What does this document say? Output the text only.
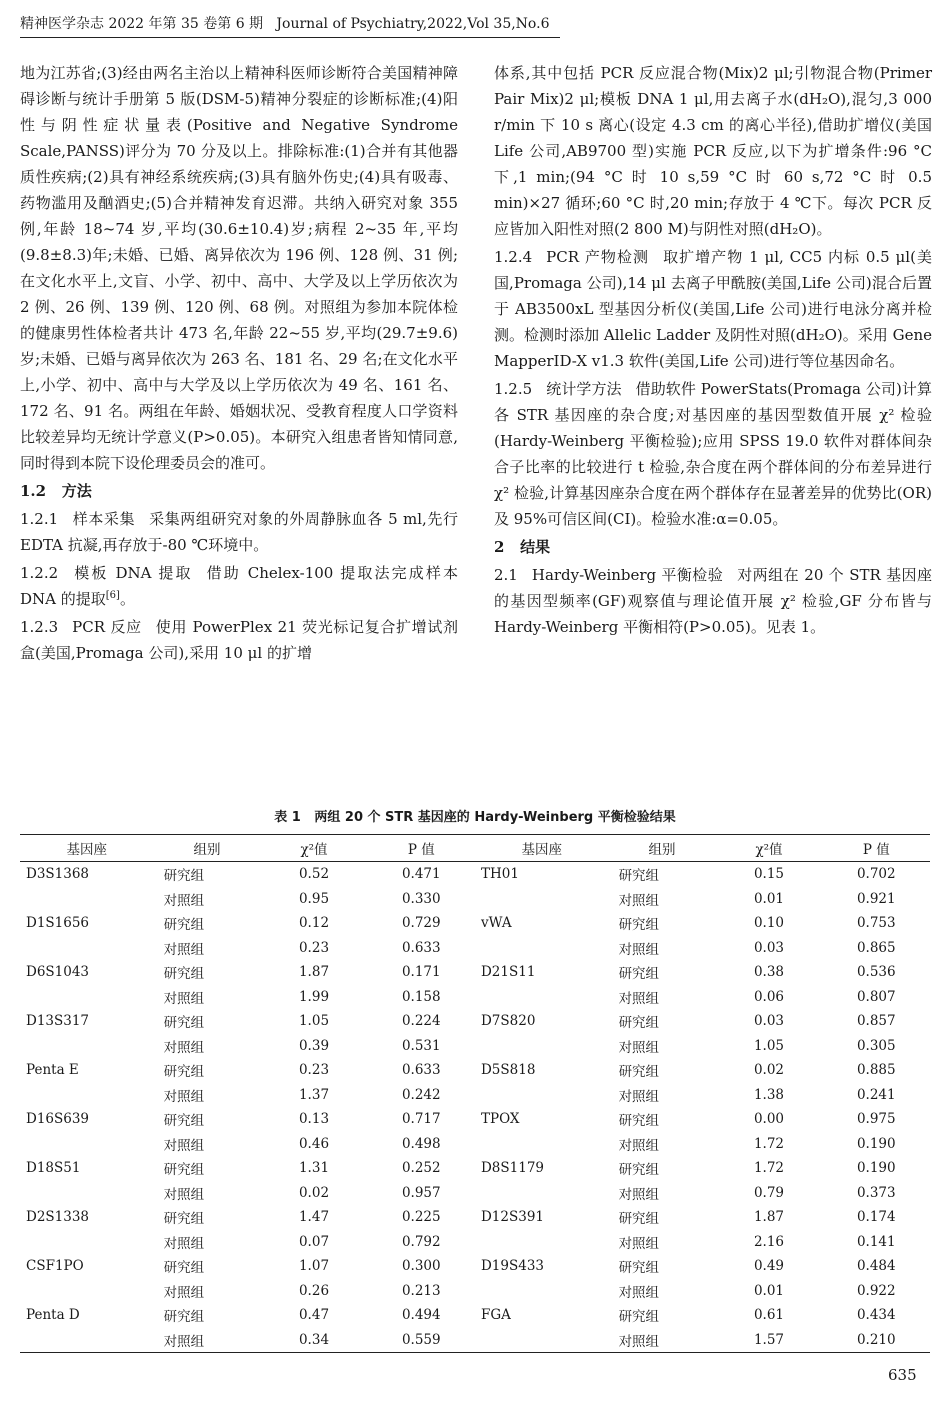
精神医学杂志 2022 年第 35 卷第 6 期 Journal of Psychiatry,2022,Vol 35,No.6

地为江苏省;(3)经由两名主治以上精神科医师诊断符合美国精神障碍诊断与统计手册第 5 版(DSM-5)精神分裂症的诊断标准;(4)阳性与阴性症状量表(Positive and Negative Syndrome Scale,PANSS)评分为 70 分及以上。排除标准:(1)合并有其他器质性疾病;(2)具有神经系统疾病;(3)具有脑外伤史;(4)具有吸毒、药物滥用及酗酒史;(5)合并精神发育迟滞。共纳入研究对象 355 例,年龄 18~74 岁,平均(30.6±10.4)岁;病程 2~35 年,平均(9.8±8.3)年;未婚、已婚、离异依次为 196 例、128 例、31 例;在文化水平上,文盲、小学、初中、高中、大学及以上学历依次为 2 例、26 例、139 例、120 例、68 例。对照组为参加本院体检的健康男性体检者共计 473 名,年龄 22~55 岁,平均(29.7±9.6)岁;未婚、已婚与离异依次为 263 名、181 名、29 名;在文化水平上,小学、初中、高中与大学及以上学历依次为 49 名、161 名、172 名、91 名。两组在年龄、婚姻状况、受教育程度人口学资料比较差异均无统计学意义(P>0.05)。本研究入组患者皆知情同意,同时得到本院下设伦理委员会的准可。

1.2 方法

1.2.1 样本采集 采集两组研究对象的外周静脉血各 5 ml,先行 EDTA 抗凝,再存放于-80 ℃环境中。

1.2.2 模板 DNA 提取 借助 Chelex-100 提取法完成样本 DNA 的提取[6]。

1.2.3 PCR 反应 使用 PowerPlex 21 荧光标记复合扩增试剂盒(美国,Promaga 公司),采用 10 μl 的扩增

体系,其中包括 PCR 反应混合物(Mix)2 μl;引物混合物(Primer Pair Mix)2 μl;模板 DNA 1 μl,用去离子水(dH₂O),混匀,3 000 r/min 下 10 s 离心(设定 4.3 cm 的离心半径),借助扩增仪(美国 Life 公司,AB9700 型)实施 PCR 反应,以下为扩增条件:96 °C 下,1 min;(94 °C 时 10 s,59 °C 时 60 s,72 °C 时 0.5 min)×27 循环;60 °C 时,20 min;存放于 4 ℃下。每次 PCR 反应皆加入阳性对照(2 800 M)与阴性对照(dH₂O)。

1.2.4 PCR 产物检测 取扩增产物 1 μl, CC5 内标 0.5 μl(美国,Promaga 公司),14 μl 去离子甲酰胺(美国,Life 公司)混合后置于 AB3500xL 型基因分析仪(美国,Life 公司)进行电泳分离并检测。检测时添加 Allelic Ladder 及阴性对照(dH₂O)。采用 Gene MapperID-X v1.3 软件(美国,Life 公司)进行等位基因命名。

1.2.5 统计学方法 借助软件 PowerStats(Promaga 公司)计算各 STR 基因座的杂合度;对基因座的基因型数值开展 χ² 检验(Hardy-Weinberg 平衡检验);应用 SPSS 19.0 软件对群体间杂合子比率的比较进行 t 检验,杂合度在两个群体间的分布差异进行 χ² 检验,计算基因座杂合度在两个群体存在显著差异的优势比(OR)及 95%可信区间(CI)。检验水准:α=0.05。

2 结果

2.1 Hardy-Weinberg 平衡检验 对两组在 20 个 STR 基因座的基因型频率(GF)观察值与理论值开展 χ² 检验,GF 分布皆与 Hardy-Weinberg 平衡相符(P>0.05)。见表 1。

表 1 两组 20 个 STR 基因座的 Hardy-Weinberg 平衡检验结果
基因座	组别	χ²值	P 值	基因座	组别	χ²值	P 值
D3S1368	研究组	0.52	0.471	TH01	研究组	0.15	0.702
	对照组	0.95	0.330		对照组	0.01	0.921
D1S1656	研究组	0.12	0.729	vWA	研究组	0.10	0.753
	对照组	0.23	0.633		对照组	0.03	0.865
D6S1043	研究组	1.87	0.171	D21S11	研究组	0.38	0.536
	对照组	1.99	0.158		对照组	0.06	0.807
D13S317	研究组	1.05	0.224	D7S820	研究组	0.03	0.857
	对照组	0.39	0.531		对照组	1.05	0.305
Penta E	研究组	0.23	0.633	D5S818	研究组	0.02	0.885
	对照组	1.37	0.242		对照组	1.38	0.241
D16S639	研究组	0.13	0.717	TPOX	研究组	0.00	0.975
	对照组	0.46	0.498		对照组	1.72	0.190
D18S51	研究组	1.31	0.252	D8S1179	研究组	1.72	0.190
	对照组	0.02	0.957		对照组	0.79	0.373
D2S1338	研究组	1.47	0.225	D12S391	研究组	1.87	0.174
	对照组	0.07	0.792		对照组	2.16	0.141
CSF1PO	研究组	1.07	0.300	D19S433	研究组	0.49	0.484
	对照组	0.26	0.213		对照组	0.01	0.922
Penta D	研究组	0.47	0.494	FGA	研究组	0.61	0.434
	对照组	0.34	0.559		对照组	1.57	0.210
635
